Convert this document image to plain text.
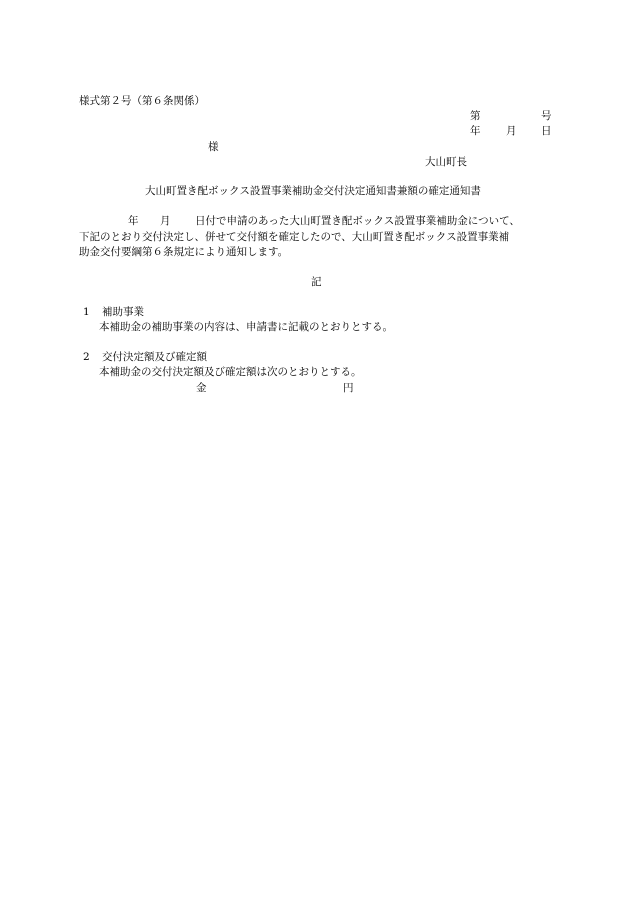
様式第２号（第６条関係）
第	号
年 月 日
様
大山町長
大山町置き配ボックス設置事業補助金交付決定通知書兼額の確定通知書
年 月 日付で申請のあった大山町置き配ボックス設置事業補助金について、
下記のとおり交付決定し、併せて交付額を確定したので、大山町置き配ボックス設置事業補
助金交付要綱第６条規定により通知します。
記
1 補助事業
本補助金の補助事業の内容は、申請書に記載のとおりとする。
2 交付決定額及び確定額
本補助金の交付決定額及び確定額は次のとおりとする。
金	円
